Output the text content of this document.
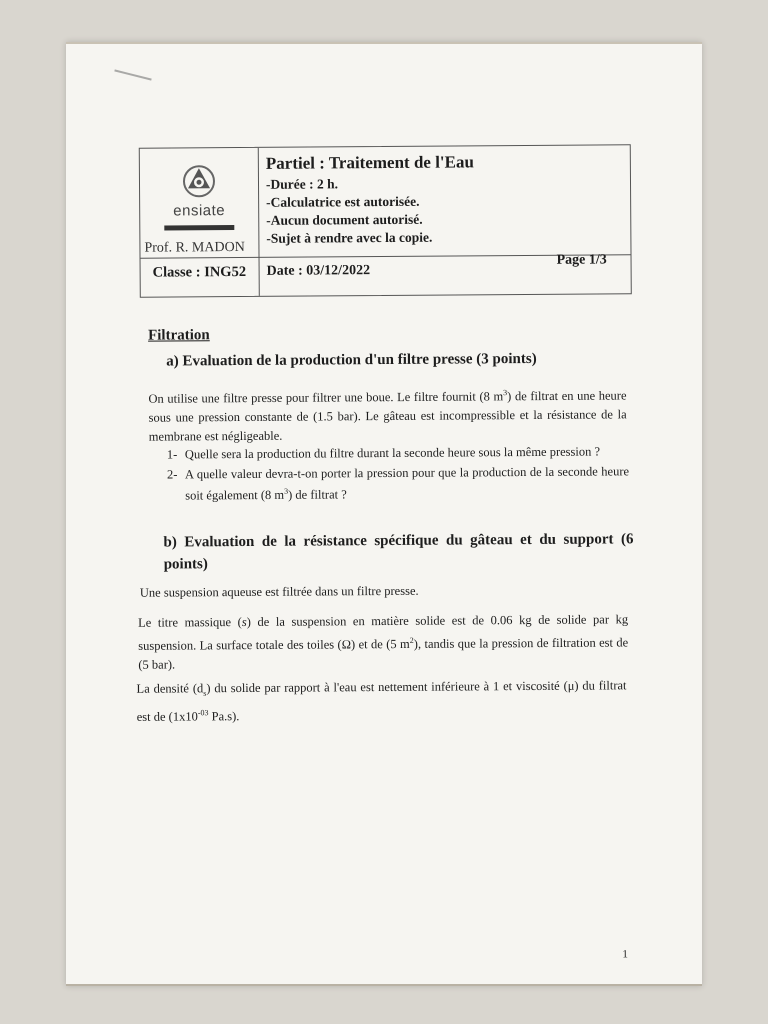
ensiate
Prof. R. MADON
Classe : ING52

Partiel : Traitement de l'Eau

-Durée : 2 h.

-Calculatrice est autorisée.

-Aucun document autorisé.

-Sujet à rendre avec la copie.

Date : 03/12/2022
Page 1/3
Filtration
a) Evaluation de la production d'un filtre presse (3 points)
On utilise une filtre presse pour filtrer une boue. Le filtre fournit (8 $m^3$) de filtrat en une heure sous une pression constante de (1.5 bar). Le gâteau est incompressible et la résistance de la membrane est négligeable.
1- Quelle sera la production du filtre durant la seconde heure sous la même pression ?
2- A quelle valeur devra-t-on porter la pression pour que la production de la seconde heure soit également (8 $m^3$) de filtrat ?
b) Evaluation de la résistance spécifique du gâteau et du support (6 points)
Une suspension aqueuse est filtrée dans un filtre presse.
Le titre massique (s) de la suspension en matière solide est de 0.06 kg de solide par kg suspension. La surface totale des toiles (Ω) et de (5 $m^2$), tandis que la pression de filtration est de (5 bar).
La densité $(d_s)$ du solide par rapport à l'eau est nettement inférieure à 1 et viscosité (μ) du filtrat est de ($1x10^{-03}$ Pa.s).
1
